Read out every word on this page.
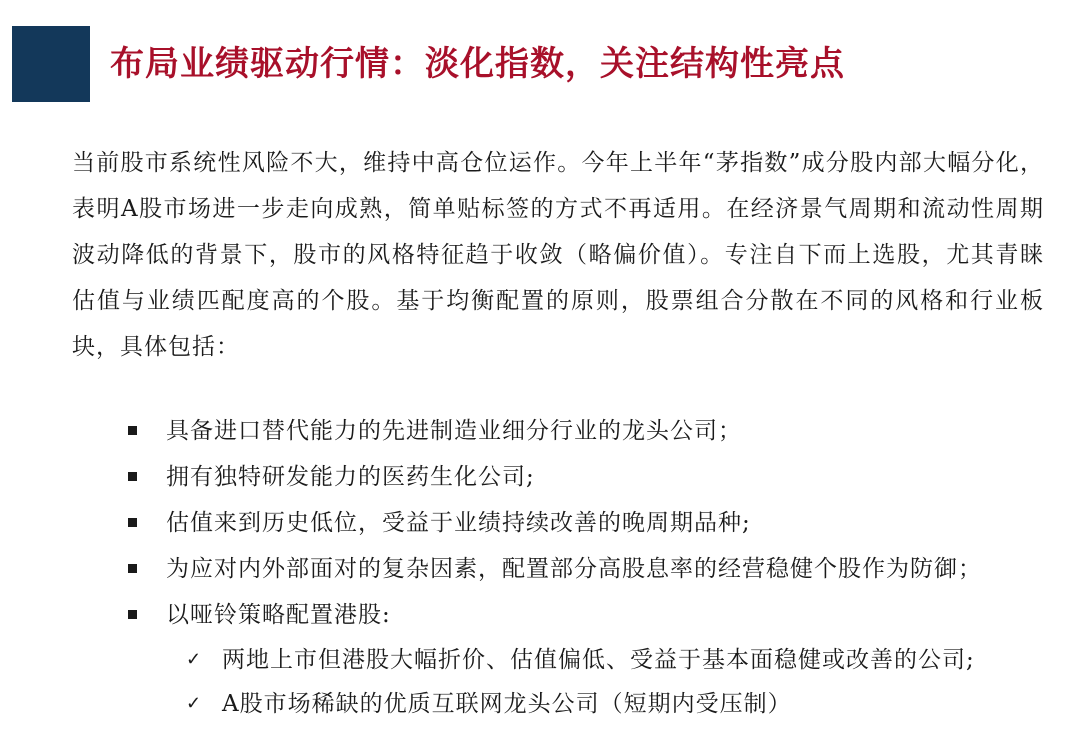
布局业绩驱动行情：淡化指数，关注结构性亮点
当前股市系统性风险不大，维持中高仓位运作。今年上半年“茅指数”成分股内部大幅分化，表明A股市场进一步走向成熟，简单贴标签的方式不再适用。在经济景气周期和流动性周期波动降低的背景下，股市的风格特征趋于收敛（略偏价值）。专注自下而上选股，尤其青睐估值与业绩匹配度高的个股。基于均衡配置的原则，股票组合分散在不同的风格和行业板块，具体包括：
具备进口替代能力的先进制造业细分行业的龙头公司；
拥有独特研发能力的医药生化公司;
估值来到历史低位，受益于业绩持续改善的晚周期品种;
为应对内外部面对的复杂因素，配置部分高股息率的经营稳健个股作为防御；
以哑铃策略配置港股:
✓ 两地上市但港股大幅折价、估值偏低、受益于基本面稳健或改善的公司;
✓ A股市场稀缺的优质互联网龙头公司（短期内受压制）
